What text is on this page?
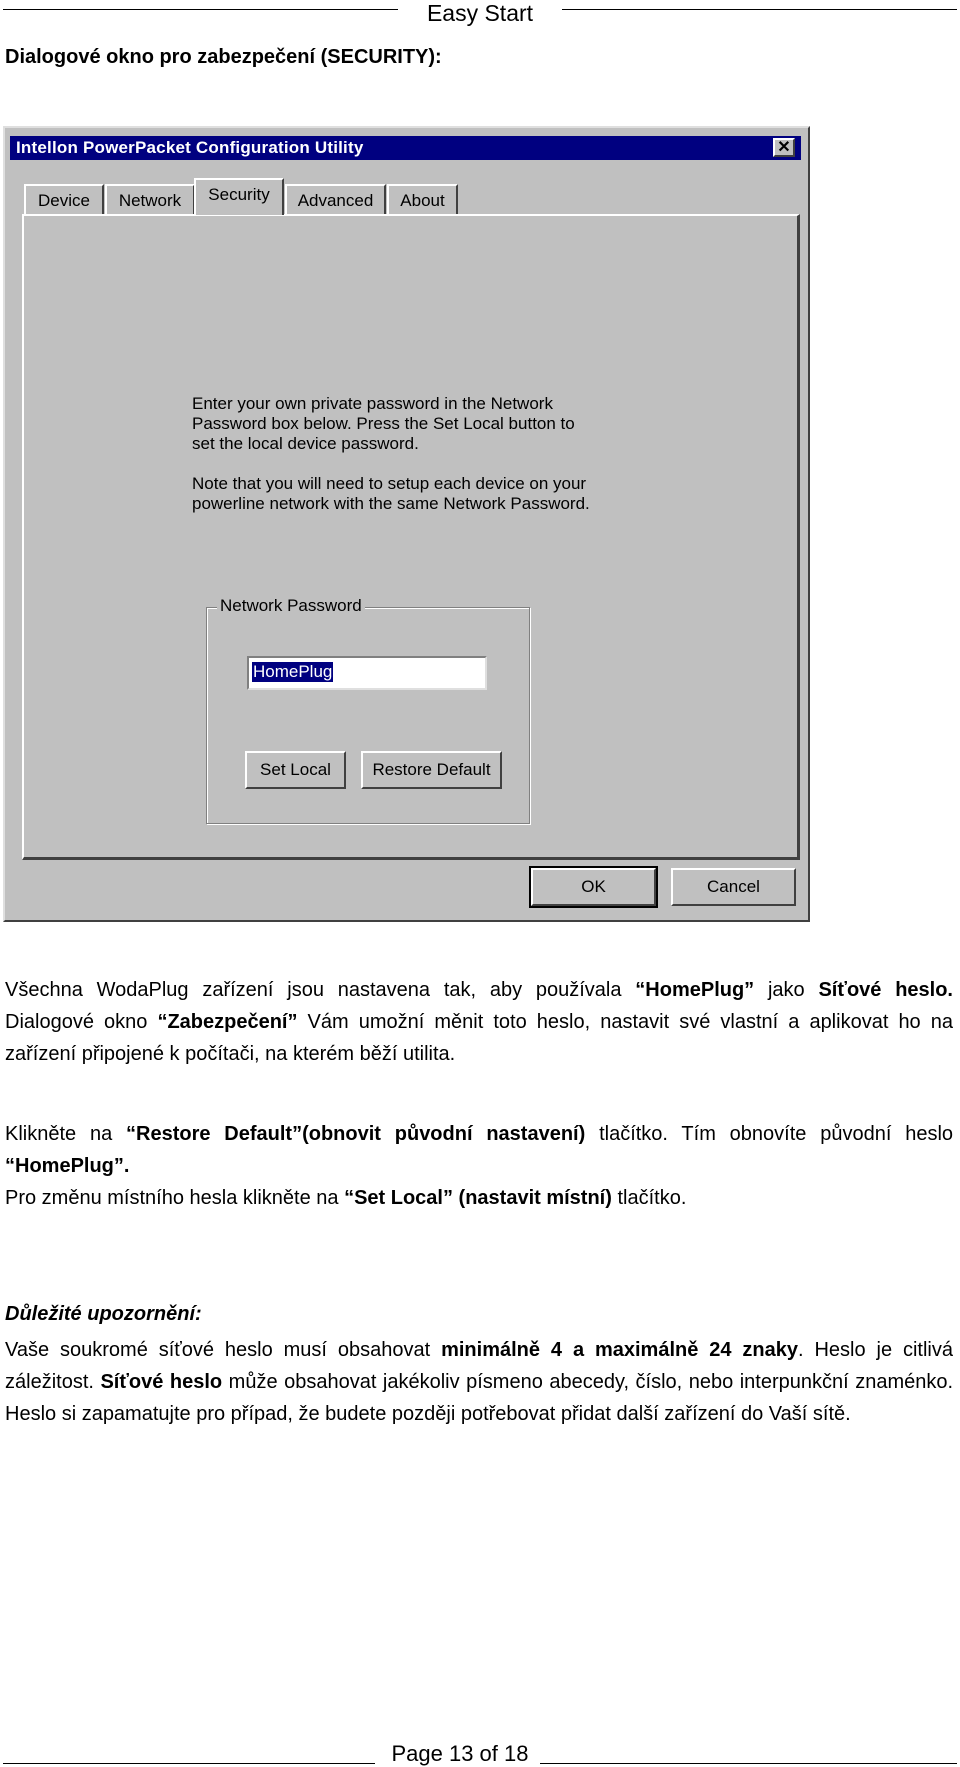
Easy Start
Dialogové okno pro zabezpečení (SECURITY):
Intellon PowerPacket Configuration Utility	✕
Device	Network	Security	Advanced	About
Enter your own private password in the Network
Password box below. Press the Set Local button to
set the local device password.
Note that you will need to setup each device on your
powerline network with the same Network Password.
Network Password
HomePlug
Set Local	Restore Default
OK	Cancel
Všechna WodaPlug zařízení jsou nastavena tak, aby používala “HomePlug” jako Síťové heslo. Dialogové okno “Zabezpečení” Vám umožní měnit toto heslo, nastavit své vlastní a aplikovat ho na zařízení připojené k počítači, na kterém běží utilita.
Klikněte na “Restore Default”(obnovit původní nastavení) tlačítko. Tím obnovíte původní heslo “HomePlug”.
Pro změnu místního hesla klikněte na “Set Local” (nastavit místní) tlačítko.
Důležité upozornění:
Vaše soukromé síťové heslo musí obsahovat minimálně 4 a maximálně 24 znaky. Heslo je citlivá záležitost. Síťové heslo může obsahovat jakékoliv písmeno abecedy, číslo, nebo interpunkční znaménko. Heslo si zapamatujte pro případ, že budete později potřebovat přidat další zařízení do Vaší sítě.
Page 13 of 18
